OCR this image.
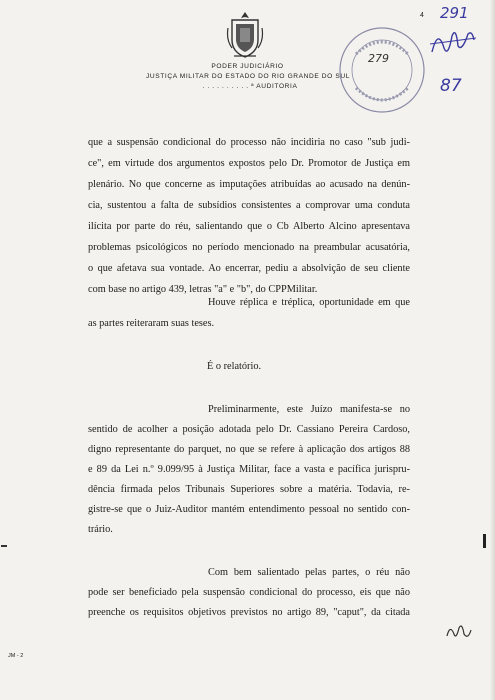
PODER JUDICIÁRIO
JUSTIÇA MILITAR DO ESTADO DO RIO GRANDE DO SUL
. . . . . . . . . . ª AUDITORIA
4
279
291
87
que a suspensão condicional do processo não incidiria no caso "sub judi-
ce", em virtude dos argumentos expostos pelo Dr. Promotor de Justiça em
plenário. No que concerne as imputações atribuídas ao acusado na denún-
cia, sustentou a falta de subsídios consistentes a comprovar uma conduta
ilícita por parte do réu, salientando que o Cb Alberto Alcino apresentava
problemas psicológicos no período mencionado na preambular acusatória,
o que afetava sua vontade. Ao encerrar, pediu a absolvição de seu cliente
com base no artigo 439, letras "a" e "b", do CPPMilitar.
Houve réplica e tréplica, oportunidade em que
as partes reiteraram suas teses.
É o relatório.
Preliminarmente, este Juízo manifesta-se no
sentido de acolher a posição adotada pelo Dr. Cassiano Pereira Cardoso,
digno representante do parquet, no que se refere à aplicação dos artigos 88
e 89 da Lei n.º 9.099/95 à Justiça Militar, face a vasta e pacífica jurispru-
dência firmada pelos Tribunais Superiores sobre a matéria. Todavia, re-
gistre-se que o Juiz-Auditor mantém entendimento pessoal no sentido con-
trário.
Com bem salientado pelas partes, o réu não
pode ser beneficiado pela suspensão condicional do processo, eis que não
preenche os requisitos objetivos previstos no artigo 89, "caput", da citada
JM - 2
